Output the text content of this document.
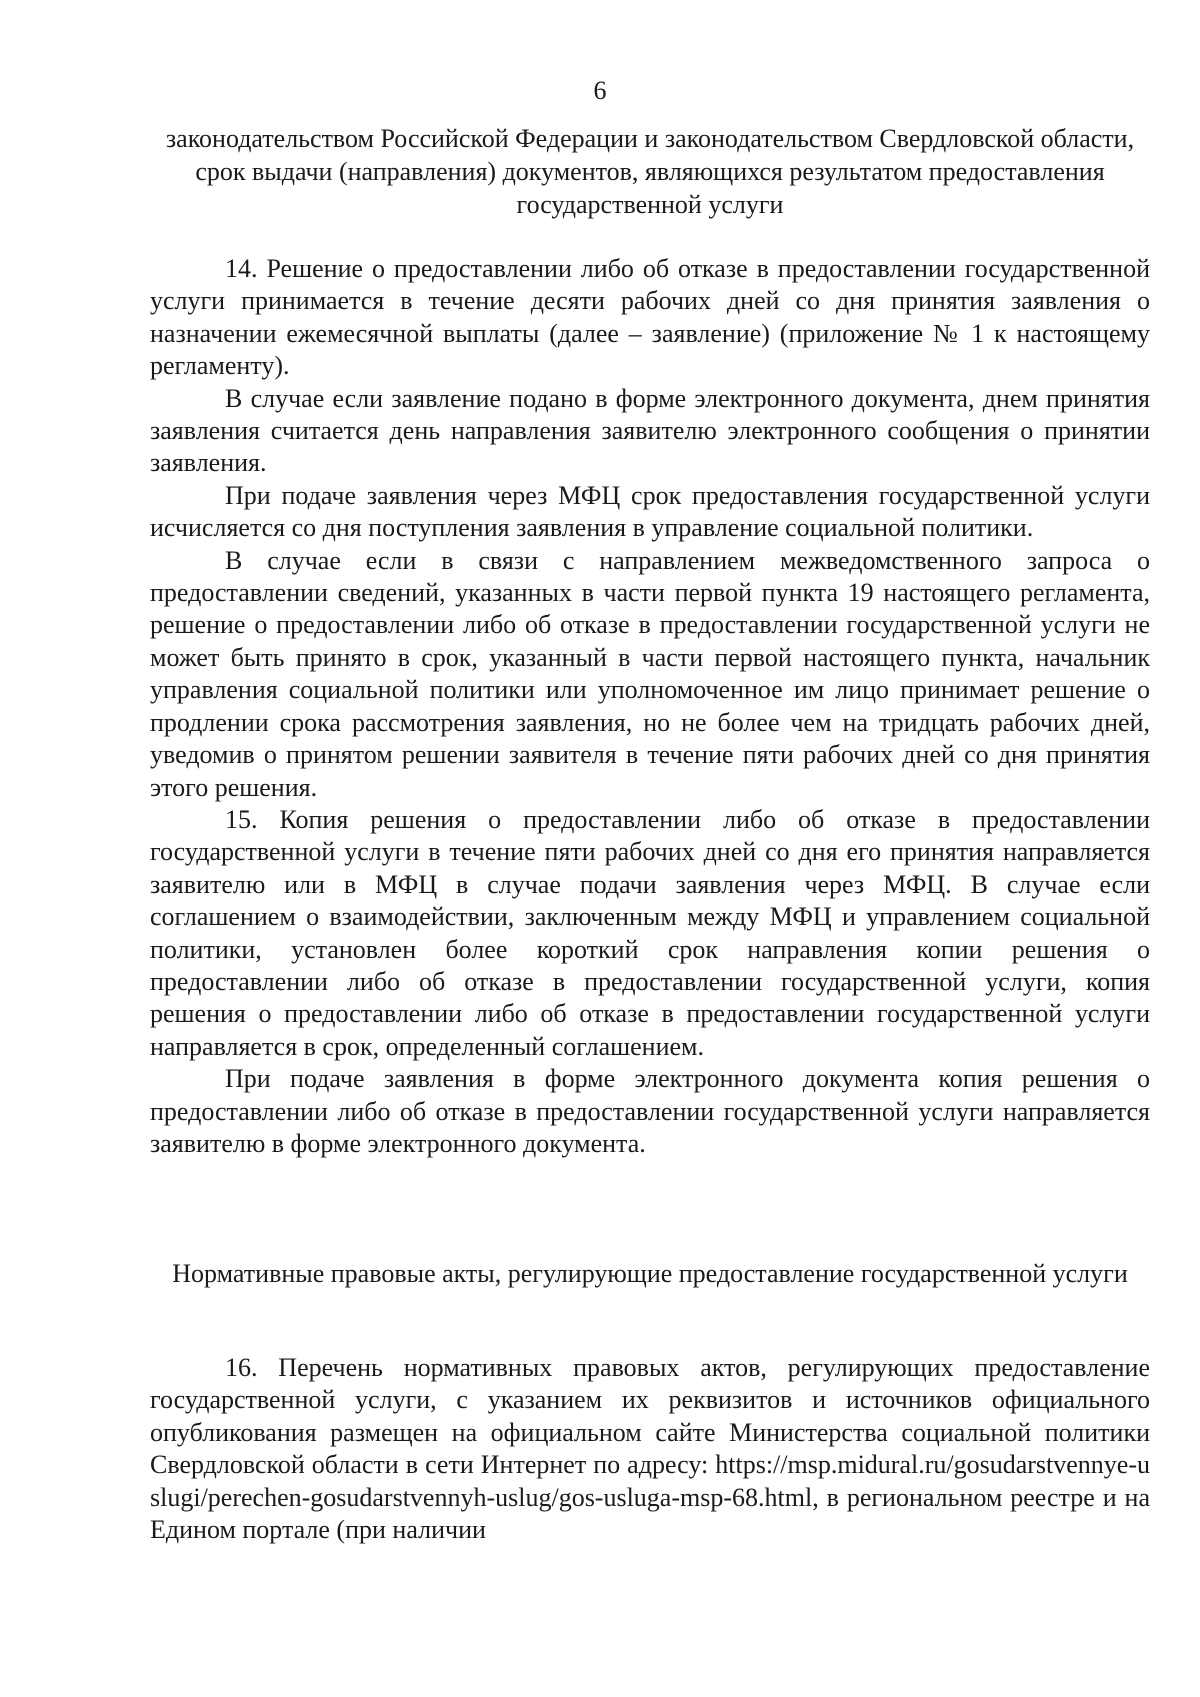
6
законодательством Российской Федерации и законодательством Свердловской области, срок выдачи (направления) документов, являющихся результатом предоставления государственной услуги

14. Решение о предоставлении либо об отказе в предоставлении государственной услуги принимается в течение десяти рабочих дней со дня принятия заявления о назначении ежемесячной выплаты (далее – заявление) (приложение № 1 к настоящему регламенту).

В случае если заявление подано в форме электронного документа, днем принятия заявления считается день направления заявителю электронного сообщения о принятии заявления.

При подаче заявления через МФЦ срок предоставления государственной услуги исчисляется со дня поступления заявления в управление социальной политики.

В случае если в связи с направлением межведомственного запроса о предоставлении сведений, указанных в части первой пункта 19 настоящего регламента, решение о предоставлении либо об отказе в предоставлении государственной услуги не может быть принято в срок, указанный в части первой настоящего пункта, начальник управления социальной политики или уполномоченное им лицо принимает решение о продлении срока рассмотрения заявления, но не более чем на тридцать рабочих дней, уведомив о принятом решении заявителя в течение пяти рабочих дней со дня принятия этого решения.

15. Копия решения о предоставлении либо об отказе в предоставлении государственной услуги в течение пяти рабочих дней со дня его принятия направляется заявителю или в МФЦ в случае подачи заявления через МФЦ. В случае если соглашением о взаимодействии, заключенным между МФЦ и управлением социальной политики, установлен более короткий срок направления копии решения о предоставлении либо об отказе в предоставлении государственной услуги, копия решения о предоставлении либо об отказе в предоставлении государственной услуги направляется в срок, определенный соглашением.

При подаче заявления в форме электронного документа копия решения о предоставлении либо об отказе в предоставлении государственной услуги направляется заявителю в форме электронного документа.

Нормативные правовые акты, регулирующие предоставление государственной услуги

16. Перечень нормативных правовых актов, регулирующих предоставление государственной услуги, с указанием их реквизитов и источников официального опубликования размещен на официальном сайте Министерства социальной политики Свердловской области в сети Интернет по адресу: https://msp.midural.ru/gosudarstvennye-uslugi/perechen-gosudarstvennyh-uslug/gos-usluga-msp-68.html, в региональном реестре и на Едином портале (при наличии
